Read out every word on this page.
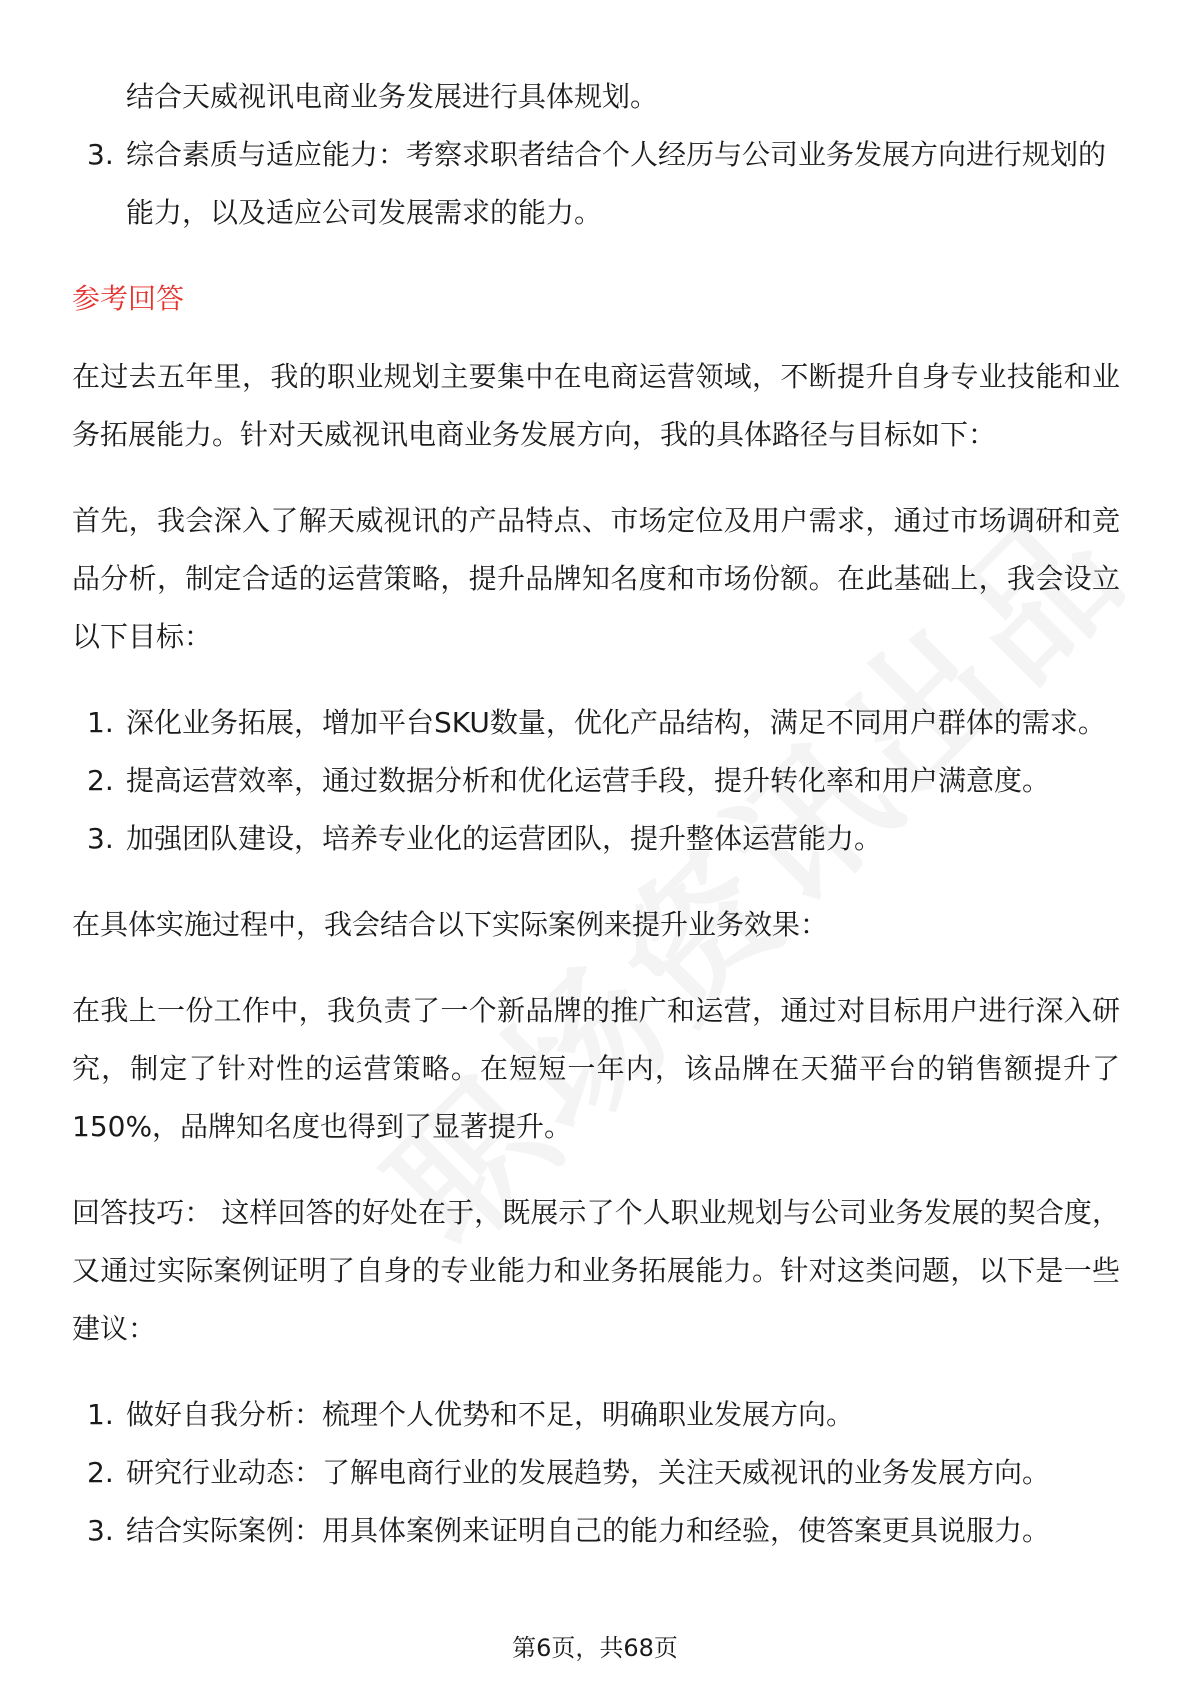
结合天威视讯电商业务发展进行具体规划。
3. 综合素质与适应能力：考察求职者结合个人经历与公司业务发展方向进行规划的能力，以及适应公司发展需求的能力。
参考回答

在过去五年里，我的职业规划主要集中在电商运营领域，不断提升自身专业技能和业务拓展能力。针对天威视讯电商业务发展方向，我的具体路径与目标如下：

首先，我会深入了解天威视讯的产品特点、市场定位及用户需求，通过市场调研和竞品分析，制定合适的运营策略，提升品牌知名度和市场份额。在此基础上，我会设立以下目标：

1. 深化业务拓展，增加平台SKU数量，优化产品结构，满足不同用户群体的需求。
2. 提高运营效率，通过数据分析和优化运营手段，提升转化率和用户满意度。
3. 加强团队建设，培养专业化的运营团队，提升整体运营能力。

在具体实施过程中，我会结合以下实际案例来提升业务效果：

在我上一份工作中，我负责了一个新品牌的推广和运营，通过对目标用户进行深入研究，制定了针对性的运营策略。在短短一年内，该品牌在天猫平台的销售额提升了150%，品牌知名度也得到了显著提升。

回答技巧： 这样回答的好处在于，既展示了个人职业规划与公司业务发展的契合度，又通过实际案例证明了自身的专业能力和业务拓展能力。针对这类问题，以下是一些建议：

1. 做好自我分析：梳理个人优势和不足，明确职业发展方向。
2. 研究行业动态：了解电商行业的发展趋势，关注天威视讯的业务发展方向。
3. 结合实际案例：用具体案例来证明自己的能力和经验，使答案更具说服力。
第6页，共68页
